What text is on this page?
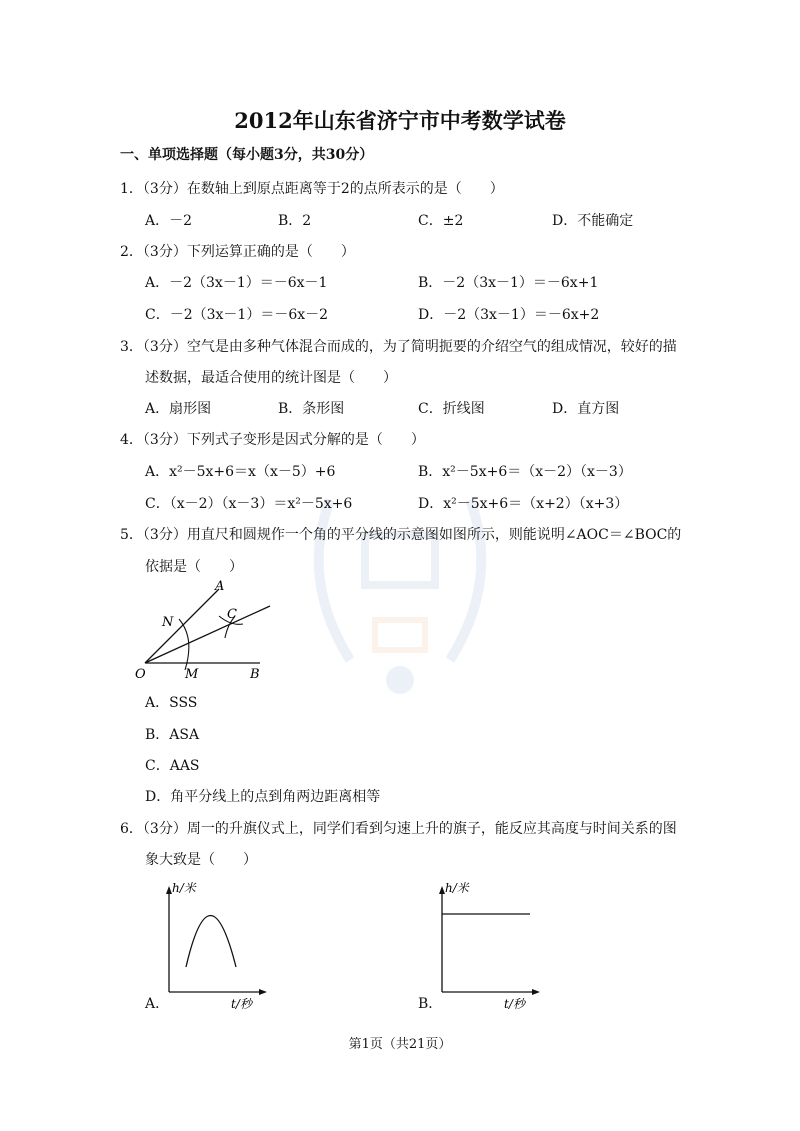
2012年山东省济宁市中考数学试卷
一、单项选择题（每小题3分，共30分）
1．（3分）在数轴上到原点距离等于2的点所表示的是（　　）
A．－2	B．2	C．±2	D．不能确定
2．（3分）下列运算正确的是（　　）
A．－2（3x－1）＝－6x－1	B．－2（3x－1）＝－6x+1
C．－2（3x－1）＝－6x－2	D．－2（3x－1）＝－6x+2
3．（3分）空气是由多种气体混合而成的，为了简明扼要的介绍空气的组成情况，较好的描
述数据，最适合使用的统计图是（　　）
A．扇形图	B．条形图	C．折线图	D．直方图
4．（3分）下列式子变形是因式分解的是（　　）
A．x²－5x+6＝x（x－5）+6	B．x²－5x+6＝（x－2）（x－3）
C．（x－2）（x－3）＝x²－5x+6	D．x²－5x+6＝（x+2）（x+3）
5．（3分）用直尺和圆规作一个角的平分线的示意图如图所示，则能说明∠AOC＝∠BOC的
依据是（　　）
A
N
C
O	M	B
A．SSS
B．ASA
C．AAS
D．角平分线上的点到角两边距离相等
6．（3分）周一的升旗仪式上，同学们看到匀速上升的旗子，能反应其高度与时间关系的图
象大致是（　　）
h/米
t/秒
A．
h/米
t/秒
B．
第1页（共21页）
